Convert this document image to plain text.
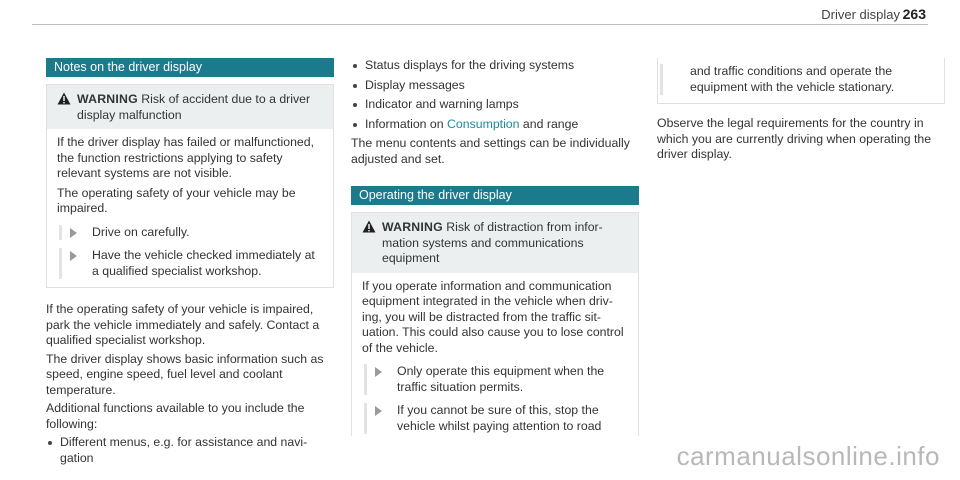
Driver display 263
Notes on the driver display
WARNING Risk of accident due to a driver display malfunction

If the driver display has failed or malfunctioned, the function restrictions applying to safety relevant systems are not visible.

The operating safety of your vehicle may be impaired.

Drive on carefully.
Have the vehicle checked immediately at a qualified specialist workshop.

If the operating safety of your vehicle is impaired, park the vehicle immediately and safely. Contact a qualified specialist workshop.

The driver display shows basic information such as speed, engine speed, fuel level and coolant temperature.

Additional functions available to you include the following:

Different menus, e.g. for assistance and navigation
Status displays for the driving systems
Display messages
Indicator and warning lamps
Information on Consumption and range

The menu contents and settings can be individually adjusted and set.

Operating the driver display
WARNING Risk of distraction from information systems and communications equipment

If you operate information and communication equipment integrated in the vehicle when driving, you will be distracted from the traffic situation. This could also cause you to lose control of the vehicle.

Only operate this equipment when the traffic situation permits.
If you cannot be sure of this, stop the vehicle whilst paying attention to road
and traffic conditions and operate the equipment with the vehicle stationary.

Observe the legal requirements for the country in which you are currently driving when operating the driver display.

carmanualsonline.info
